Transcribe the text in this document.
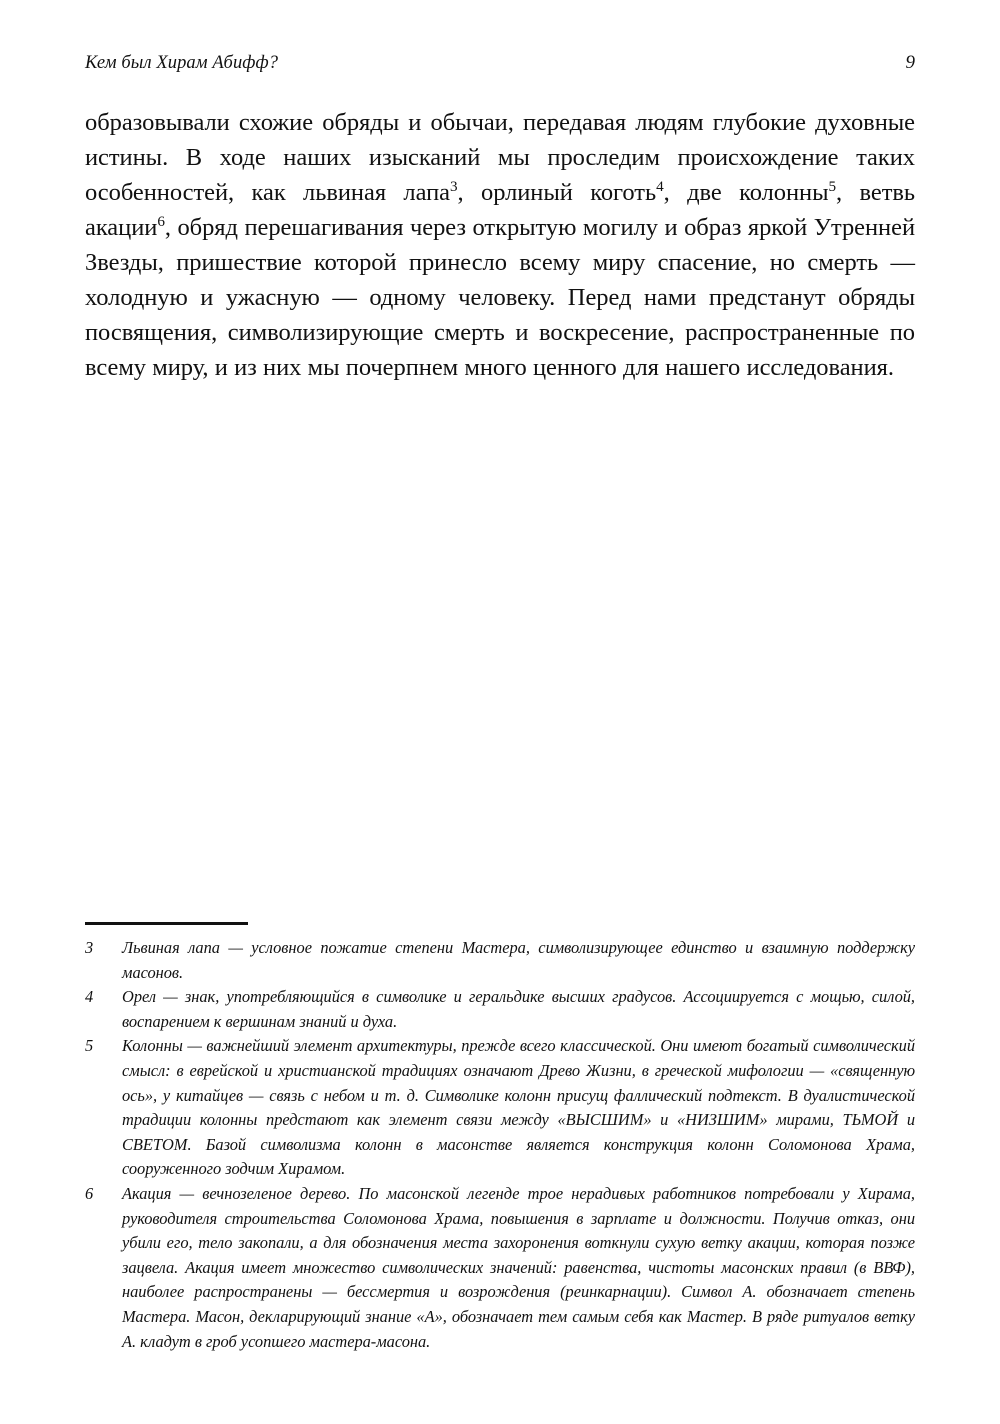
Кем был Хирам Абифф?	9

образовывали схожие обряды и обычаи, передавая людям глубокие духовные истины. В ходе наших изысканий мы проследим происхождение таких особенностей, как львиная лапа$^3$, орлиный коготь$^4$, две колонны$^5$, ветвь акации$^6$, обряд перешагивания через открытую могилу и образ яркой Утренней Звезды, пришествие которой принесло всему миру спасение, но смерть — холодную и ужасную — одному человеку. Перед нами предстанут обряды посвящения, символизирующие смерть и воскресение, распространенные по всему миру, и из них мы почерпнем много ценного для нашего исследования.

3 Львиная лапа — условное пожатие степени Мастера, символизирующее единство и взаимную поддержку масонов.

4 Орел — знак, употребляющийся в символике и геральдике высших градусов. Ассоциируется с мощью, силой, воспарением к вершинам знаний и духа.

5 Колонны — важнейший элемент архитектуры, прежде всего классической. Они имеют богатый символический смысл: в еврейской и христианской традициях означают Древо Жизни, в греческой мифологии — «священную ось», у китайцев — связь с небом и т. д. Символике колонн присущ фаллический подтекст. В дуалистической традиции колонны предстают как элемент связи между «ВЫСШИМ» и «НИЗШИМ» мирами, ТЬМОЙ и СВЕТОМ. Базой символизма колонн в масонстве является конструкция колонн Соломонова Храма, сооруженного зодчим Хирамом.

6 Акация — вечнозеленое дерево. По масонской легенде трое нерадивых работников потребовали у Хирама, руководителя строительства Соломонова Храма, повышения в зарплате и должности. Получив отказ, они убили его, тело закопали, а для обозначения места захоронения воткнули сухую ветку акации, которая позже зацвела. Акация имеет множество символических значений: равенства, чистоты масонских правил (в ВВФ), наиболее распространены — бессмертия и возрождения (реинкарнации). Символ А. обозначает степень Мастера. Масон, декларирующий знание «А», обозначает тем самым себя как Мастер. В ряде ритуалов ветку А. кладут в гроб усопшего мастера-масона.
